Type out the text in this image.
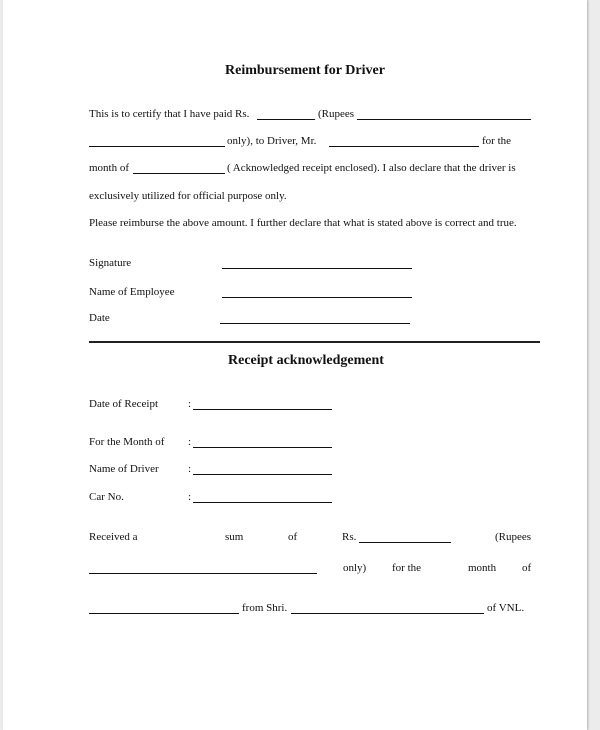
Reimbursement for Driver
This is to certify that I have paid Rs.	(Rupees
only), to Driver, Mr.	for the
month of	( Acknowledged receipt enclosed). I also declare that the driver is
exclusively utilized for official purpose only.
Please reimburse the above amount. I further declare that what is stated above is correct and true.
Signature
Name of Employee
Date
Receipt acknowledgement
Date of Receipt	:
For the Month of :
Name of Driver	:
Car No.	:
Received a	sum	of	Rs.	(Rupees
only) for the	month of
from Shri.	of VNL.
